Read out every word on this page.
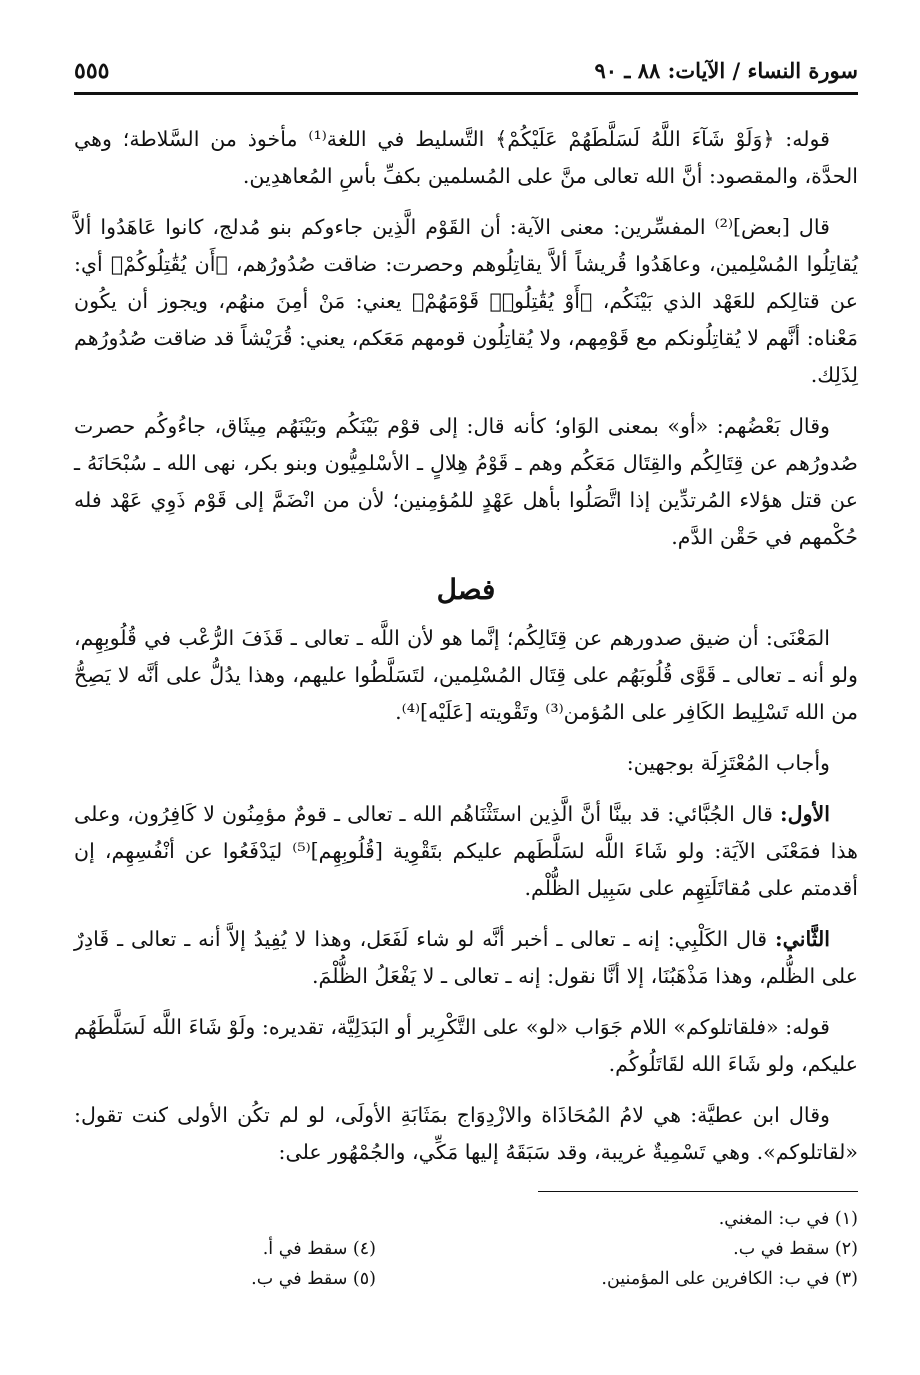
سورة النساء / الآيات: ٨٨ ـ ٩٠
٥٥٥

قوله: ﴿وَلَوْ شَآءَ اللَّهُ لَسَلَّطَهُمْ عَلَيْكُمْ﴾ التَّسليط في اللغة⁽¹⁾ مأخوذ من السَّلاطة؛ وهي الحدَّة، والمقصود: أنَّ الله تعالى منَّ على المُسلمين بكفِّ بأسِ المُعاهدِين.

قال [بعض]⁽²⁾ المفسِّرين: معنى الآية: أن القَوْم الَّذِين جاءوكم بنو مُدلج، كانوا عَاهَدُوا ألاَّ يُقاتِلُوا المُسْلِمين، وعاهَدُوا قُريشاً ألاَّ يقاتِلُوهم وحصرت: ضاقت صُدُورُهم، ﴿أَن يُقَٰتِلُوكُمْ﴾ أي: عن قتالِكم للعَهْد الذي بَيْنَكُم، ﴿أَوْ يُقَٰتِلُوا۟ قَوْمَهُمْ﴾ يعني: مَنْ أمِنَ منهُم، ويجوز أن يكُون مَعْناه: أنَّهم لا يُقاتِلُونكم مع قَوْمِهم، ولا يُقاتِلُون قومهم مَعَكم، يعني: قُرَيْشاً قد ضاقت صُدُورُهم لِذَلِك.

وقال بَعْضُهم: «أو» بمعنى الوَاو؛ كأنه قال: إلى قوْم بَيْنَكُم وبَيْنَهُم مِيثَاق، جاءُوكُم حصرت صُدورُهم عن قِتَالِكُم والقِتَال مَعَكُم وهم ـ قَوْمُ هِلالٍ ـ الأسْلمِيُّون وبنو بكر، نهى الله ـ سُبْحَانَهُ ـ عن قتل هؤلاء المُرتدِّين إذا اتَّصَلُوا بأهل عَهْدٍ للمُؤمِنين؛ لأن من انْضَمَّ إلى قَوْم ذَوِي عَهْد فله حُكْمهم في حَقْن الدَّم.

فصل

المَعْنَى: أن ضيق صدورهم عن قِتَالِكُم؛ إنَّما هو لأن اللَّه ـ تعالى ـ قَذَفَ الرُّعْب في قُلُوبِهِم، ولو أنه ـ تعالى ـ قَوَّى قُلُوبَهُم على قِتَال المُسْلِمين، لتَسَلَّطُوا عليهم، وهذا يدُلُّ على أنَّه لا يَصِحُّ من الله تَسْلِيط الكَافِر على المُؤمن⁽³⁾ وتَقْويته [عَلَيْه]⁽⁴⁾.

وأجاب المُعْتَزِلَة بوجهين:

الأول: قال الجُبَّائي: قد بينَّا أنَّ الَّذِين استَثْنَاهُم الله ـ تعالى ـ قومٌ مؤمِنُون لا كَافِرُون، وعلى هذا فمَعْنَى الآيَة: ولو شَاءَ اللَّه لسَلَّطَهم عليكم بتَقْوِية [قُلُوبِهِم]⁽⁵⁾ ليَدْفَعُوا عن أنْفُسِهِم، إن أقدمتم على مُقاتَلَتِهِم على سَبِيل الظُّلْم.

الثَّاني: قال الكَلْبِي: إنه ـ تعالى ـ أخبر أنَّه لو شاء لَفَعَل، وهذا لا يُفِيدُ إلاَّ أنه ـ تعالى ـ قَادِرٌ على الظُّلم، وهذا مَذْهَبُنَا، إلا أنَّا نقول: إنه ـ تعالى ـ لا يَفْعَلُ الظُّلْمَ.

قوله: «فلقاتلوكم» اللام جَوَاب «لو» على التَّكْرِير أو البَدَلِيَّة، تقديره: ولَوْ شَاءَ اللَّه لَسَلَّطَهُم عليكم، ولو شَاءَ الله لقَاتَلُوكُم.

وقال ابن عطيَّة: هي لامُ المُحَاذَاة والازْدِوَاج بمَثَابَةِ الأولَى، لو لم تكُن الأولى كنت تقول: «لقاتلوكم». وهي تَسْمِيةٌ غريبة، وقد سَبَقَهُ إليها مَكِّي، والجُمْهُور على:

(١) في ب: المغني.
(٢) سقط في ب.
(٣) في ب: الكافرين على المؤمنين.
(٤) سقط في أ.
(٥) سقط في ب.
